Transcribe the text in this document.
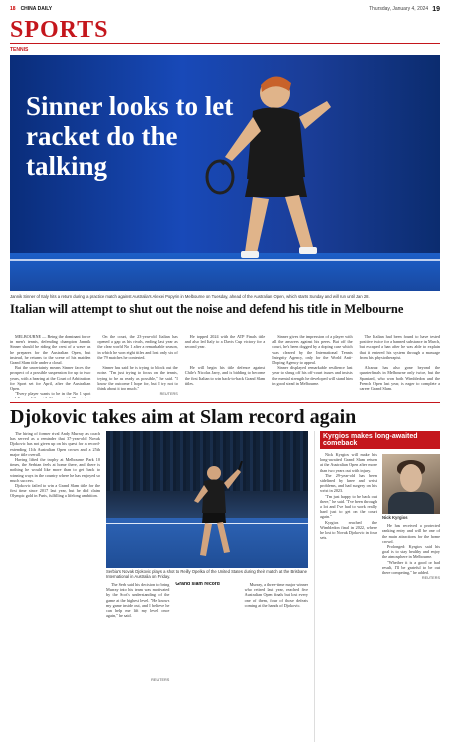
18 CHINA DAILY	Thursday, January 4, 2024 19
SPORTS
TENNIS
Sinner looks to let racket do the talking
Jannik Sinner of Italy hits a return during a practice match against Australia's Alexei Popyrin in Melbourne on Tuesday, ahead of the Australian Open, which starts Sunday and will run until Jan 28.
Italian will attempt to shut out the noise and defend his title in Melbourne

MELBOURNE — Being the dominant force in men's tennis, defending champion Jannik Sinner should be riding the crest of a wave as he prepares for the Australian Open, but instead, he returns to the scene of his maiden Grand Slam title under a cloud.

On the court, the 23-year-old Italian has opened a gap as his rivals, ending last year as the clear world No 1 after a remarkable season, in which he won eight titles and lost only six of the 79 matches he contested.

He topped 2024 with the ATP Finals title and also led Italy to a Davis Cup victory for a second year.

Sinner gives the impression of a player with all the answers against his peers. But off the court, he's been dogged by a doping case which was cleared by the International Tennis Integrity Agency, only for the World Anti-Doping Agency to appeal.

The Italian had been found to have tested positive twice for a banned substance in March, but escaped a ban after he was able to explain that it entered his system through a massage from his physiotherapist.

But the uncertainty means Sinner faces the prospect of a possible suspension for up to two years, with a hearing at the Court of Arbitration for Sport set for April, after the Australian Open.

Sinner has said he is trying to block out the noise. "I'm just trying to focus on the tennis, trying to be as ready as possible," he said. "I know the outcome I hope for, but I try not to think about it too much."

He will begin his title defence against Chile's Nicolas Jarry, and is bidding to become the first Italian to win back-to-back Grand Slam titles.

Sinner displayed remarkable resilience last year to shrug off his off-court issues and insists the mental strength he developed will stand him in good stead in Melbourne.

Alcaraz has also gone beyond the quarterfinals in Melbourne only twice, but the Spaniard, who won both Wimbledon and the French Open last year, is eager to complete a career Grand Slam.

"Every player wants to be in the No 1 spot	REUTERS
Djokovic takes aim at Slam record again

The hiring of former rival Andy Murray as coach has served as a reminder that 37-year-old Novak Djokovic has not given up on his quest for a record-extending 11th Australian Open crown and a 25th major title overall.

Having lifted the trophy at Melbourne Park 10 times, the Serbian feels at home there, and there is nothing he would like more than to get back to winning ways in the country where he has enjoyed so much success.

Djokovic failed to win a Grand Slam title for the first time since 2017 last year, but he did claim Olympic gold in Paris, fulfilling a lifelong ambition.

Serbia's Novak Djokovic plays a shot to Reilly Opelka of the United States during their match at the Brisbane International in Australia on Friday.

The Serb said his decision to bring Murray into his team was motivated by the Scot's understanding of the game at the highest level. "He knows my game inside out, and I believe he can help me lift my level once again," he said.

Grand slam record	Murray, a three-time major winner who retired last year, reached five Australian Open finals but lost every one of them, four of those defeats coming at the hands of Djokovic.

REUTERS
Kyrgios makes long-awaited comeback

Nick Kyrgios will make his long-awaited Grand Slam return at the Australian Open after more than two years out with injury.

The 29-year-old has been sidelined by knee and wrist problems, and had surgery on his wrist in 2023.

"I'm just happy to be back out there," he said. "I've been through a lot and I've had to work really hard just to get on the court again."

Kyrgios reached the Wimbledon final in 2022, where he lost to Novak Djokovic in four sets.

Nick Kyrgios

He has received a protected ranking entry and will be one of the main attractions for the home crowd.

Prolonged: Kyrgios said his goal is to stay healthy and enjoy the atmosphere in Melbourne.

"Whether it is a good or bad result, I'll be grateful to be out there competing," he added.

REUTERS
